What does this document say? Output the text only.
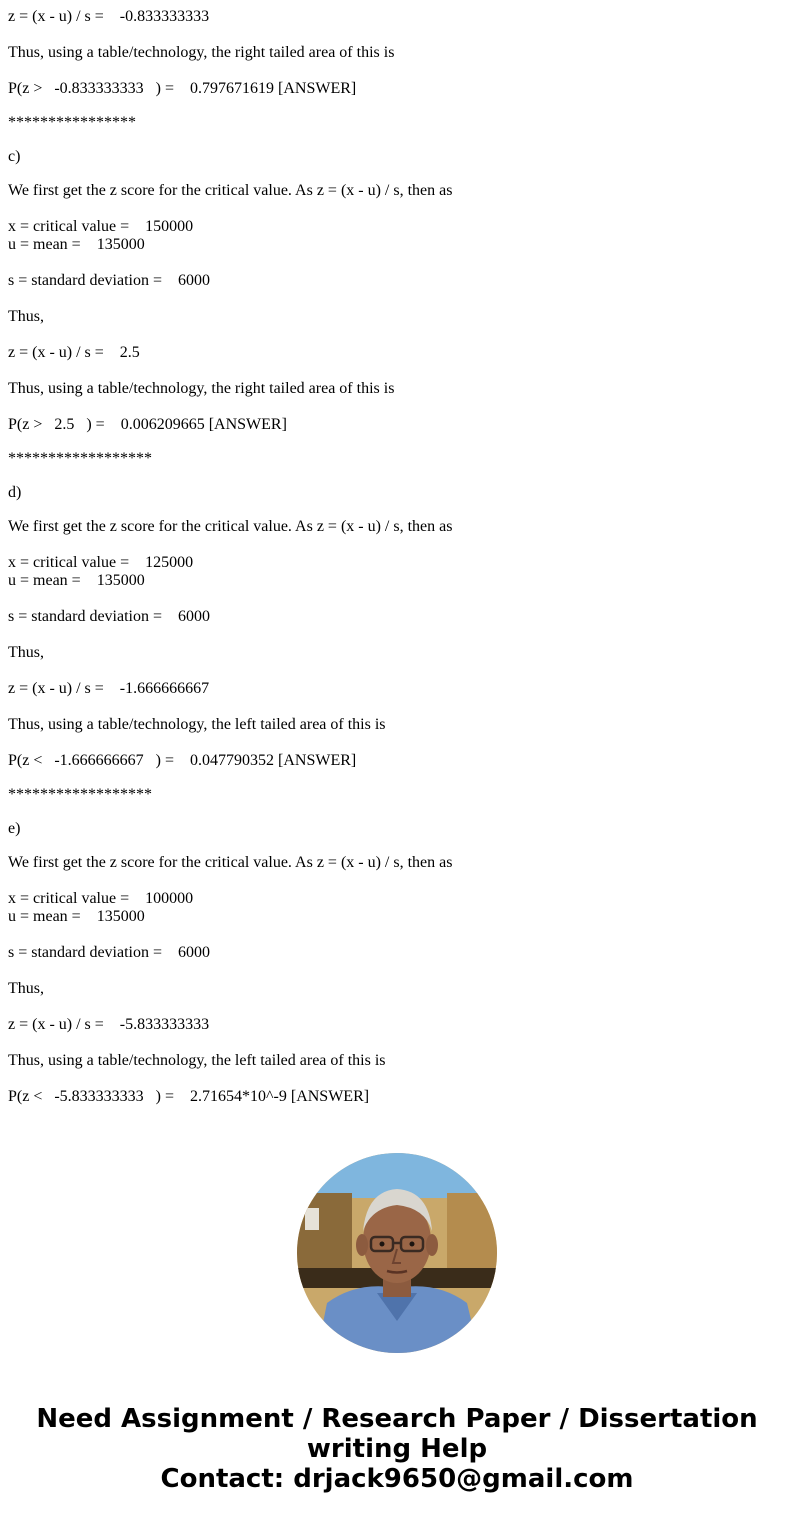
z = (x - u) / s =    -0.833333333
Thus, using a table/technology, the right tailed area of this is
P(z >   -0.833333333   ) =    0.797671619 [ANSWER]
****************
c)
We first get the z score for the critical value. As z = (x - u) / s, then as
x = critical value =    150000
u = mean =    135000
s = standard deviation =    6000
Thus,
z = (x - u) / s =    2.5
Thus, using a table/technology, the right tailed area of this is
P(z >   2.5   ) =    0.006209665 [ANSWER]
******************
d)
We first get the z score for the critical value. As z = (x - u) / s, then as
x = critical value =    125000
u = mean =    135000
s = standard deviation =    6000
Thus,
z = (x - u) / s =    -1.666666667
Thus, using a table/technology, the left tailed area of this is
P(z <   -1.666666667   ) =    0.047790352 [ANSWER]
******************
e)
We first get the z score for the critical value. As z = (x - u) / s, then as
x = critical value =    100000
u = mean =    135000
s = standard deviation =    6000
Thus,
z = (x - u) / s =    -5.833333333
Thus, using a table/technology, the left tailed area of this is
P(z <   -5.833333333   ) =    2.71654*10^-9 [ANSWER]
Need Assignment / Research Paper / Dissertation
writing Help
Contact: drjack9650@gmail.com
